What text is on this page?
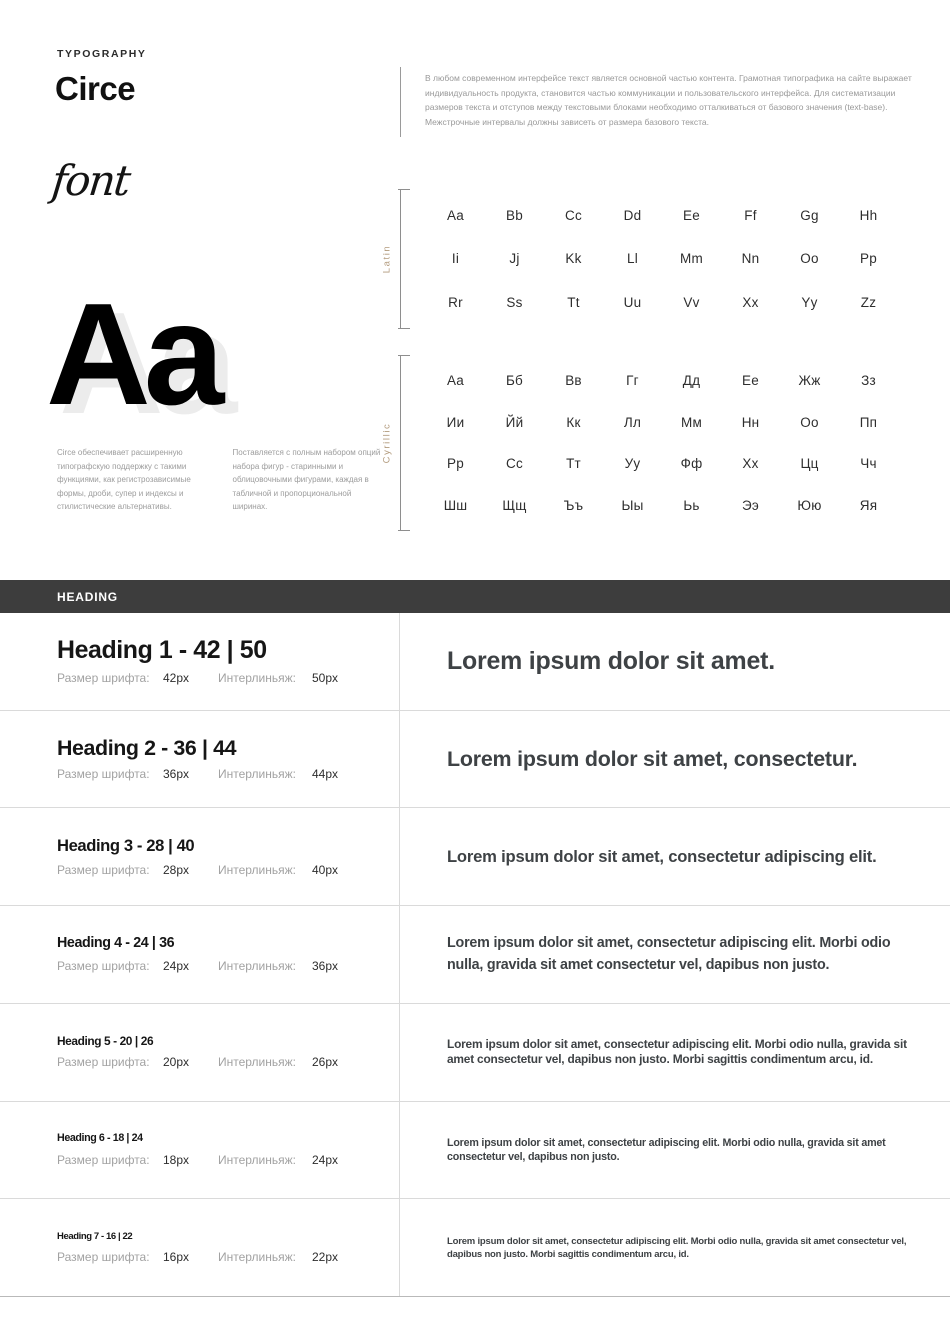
TYPOGRAPHY
Circe
font
Aa
Circe обеспечивает расширенную типографскую поддержку с такими функциями, как регистрозависимые формы, дроби, супер и индексы и стилистические альтернативы.
Поставляется с полным набором опций набора фигур - старинными и облицовочными фигурами, каждая в табличной и пропорциональной ширинах.
В любом современном интерфейсе текст является основной частью контента. Грамотная типографика на сайте выражает индивидуальность продукта, становится частью коммуникации и пользовательского интерфейса. Для систематизации размеров текста и отступов между текстовыми блоками необходимо отталкиваться от базового значения (text-base). Межстрочные интервалы должны зависеть от размера базового текста.
Latin
Aa	Bb	Cc	Dd	Ee	Ff	Gg	Hh
Ii	Jj	Kk	Ll	Mm	Nn	Oo	Pp
Rr	Ss	Tt	Uu	Vv	Xx	Yy	Zz
Cyrillic
Аа	Бб	Вв	Гг	Дд	Ее	Жж	Зз
Ии	Йй	Кк	Лл	Мм	Нн	Оо	Пп
Рр	Сс	Тт	Уу	Фф	Хх	Цц	Чч
Шш	Щщ	Ъъ	Ыы	Ьь	Ээ	Юю	Яя
HEADING
Heading 1 - 42 | 50
Размер шрифта:	42px	Интерлиньяж:	50px
Lorem ipsum dolor sit amet.
Heading 2 - 36 | 44
Размер шрифта:	36px	Интерлиньяж:	44px
Lorem ipsum dolor sit amet, consectetur.
Heading 3 - 28 | 40
Размер шрифта:	28px	Интерлиньяж:	40px
Lorem ipsum dolor sit amet, consectetur adipiscing elit.
Heading 4 - 24 | 36
Размер шрифта:	24px	Интерлиньяж:	36px
Lorem ipsum dolor sit amet, consectetur adipiscing elit. Morbi odio nulla, gravida sit amet consectetur vel, dapibus non justo.
Heading 5 - 20 | 26
Размер шрифта:	20px	Интерлиньяж:	26px
Lorem ipsum dolor sit amet, consectetur adipiscing elit. Morbi odio nulla, gravida sit amet consectetur vel, dapibus non justo. Morbi sagittis condimentum arcu, id.
Heading 6 - 18 | 24
Размер шрифта:	18px	Интерлиньяж:	24px
Lorem ipsum dolor sit amet, consectetur adipiscing elit. Morbi odio nulla, gravida sit amet consectetur vel, dapibus non justo.
Heading 7 - 16 | 22
Размер шрифта:	16px	Интерлиньяж:	22px
Lorem ipsum dolor sit amet, consectetur adipiscing elit. Morbi odio nulla, gravida sit amet consectetur vel, dapibus non justo. Morbi sagittis condimentum arcu, id.
